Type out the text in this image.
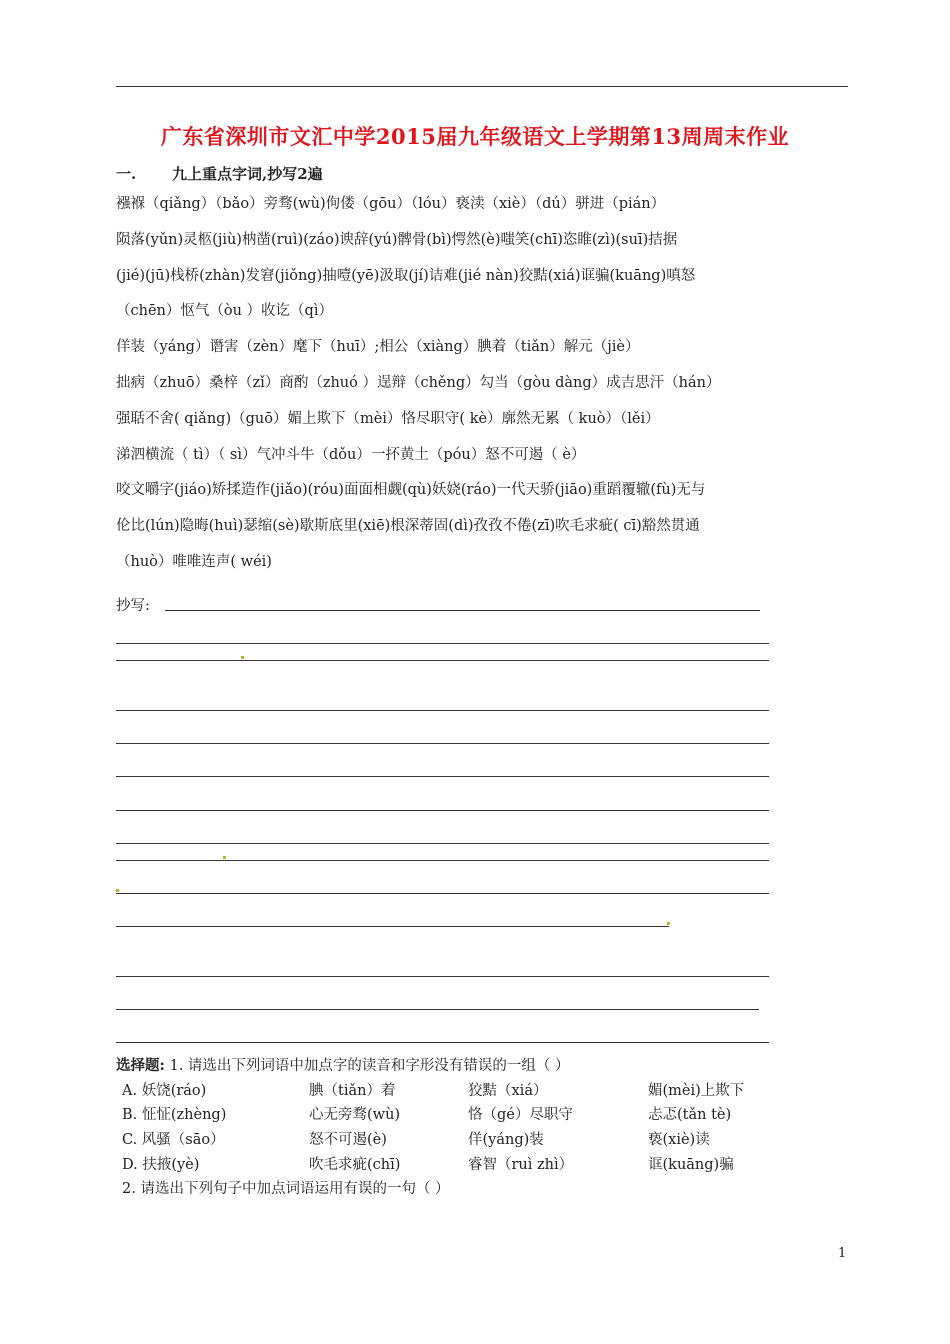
广东省深圳市文汇中学2015届九年级语文上学期第13周周末作业
一. 九上重点字词,抄写2遍
襁褓（qiǎng）（bǎo）旁骛(wù)佝偻（gōu）（lóu）亵渎（xiè）（dú）骈进（pián）
陨落(yǔn)灵柩(jiù)枘凿(ruì)(záo)谀辞(yú)髀骨(bì)愕然(è)嗤笑(chī)恣睢(zì)(suī)拮据
(jié)(jū)栈桥(zhàn)发窘(jiǒng)抽噎(yē)汲取(jí)诘难(jié nàn)狡黠(xiá)诓骗(kuāng)嗔怒
（chēn）怄气（òu ）收讫（qì）
佯装（yáng）谮害（zèn）麾下（huī）;相公（xiàng）腆着（tiǎn）解元（jiè）
拙病（zhuō）桑梓（zǐ）商酌（zhuó ）逞辩（chěng）勾当（gòu dàng）成吉思汗（hán）
强聒不舍( qiǎng)（guō）媚上欺下（mèi）恪尽职守( kè）廓然无累（ kuò）（lěi）
涕泗横流（ tì）（ sì）气冲斗牛（dǒu）一抔黄土（póu）怒不可遏（ è）
咬文嚼字(jiáo)矫揉造作(jiǎo)(róu)面面相觑(qù)妖娆(ráo)一代天骄(jiāo)重蹈覆辙(fù)无与
伦比(lún)隐晦(huì)瑟缩(sè)歇斯底里(xiē)根深蒂固(dì)孜孜不倦(zī)吹毛求疵( cī)豁然贯通
（huò）唯唯连声( wéi)
抄写:
选择题: 1. 请选出下列词语中加点字的读音和字形没有错误的一组（ ）
A. 妖饶(ráo)	腆（tiǎn）着	狡黠（xiá）	媚(mèi)上欺下
B. 怔怔(zhèng)	心无旁骛(wù)	恪（gé）尽职守	忐忑(tǎn tè)
C. 风骚（sāo）	怒不可遏(è)	佯(yáng)装	亵(xiè)读
D. 扶掖(yè)	吹毛求疵(chī)	睿智（ruì zhì）	诓(kuāng)骗
2. 请选出下列句子中加点词语运用有误的一句（ ）
1
